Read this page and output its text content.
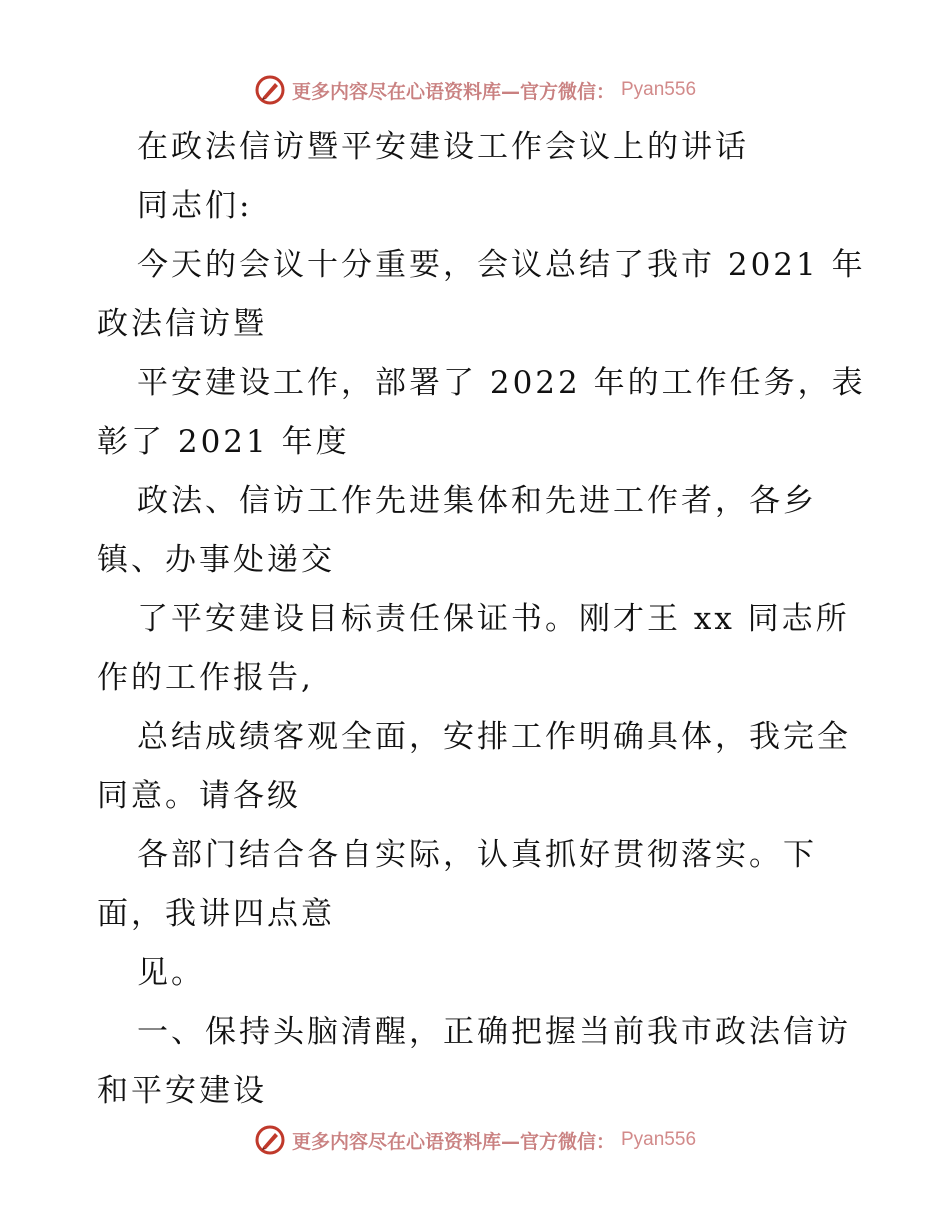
更多内容尽在心语资料库—官方微信： Pyan556
在政法信访暨平安建设工作会议上的讲话
同志们:
今天的会议十分重要，会议总结了我市 2021 年
政法信访暨
平安建设工作，部署了 2022 年的工作任务，表
彰了 2021 年度
政法、信访工作先进集体和先进工作者，各乡
镇、办事处递交
了平安建设目标责任保证书。刚才王 xx 同志所
作的工作报告,
总结成绩客观全面，安排工作明确具体，我完全
同意。请各级
各部门结合各自实际，认真抓好贯彻落实。下
面，我讲四点意
见。
一、保持头脑清醒，正确把握当前我市政法信访
和平安建设
更多内容尽在心语资料库—官方微信： Pyan556
